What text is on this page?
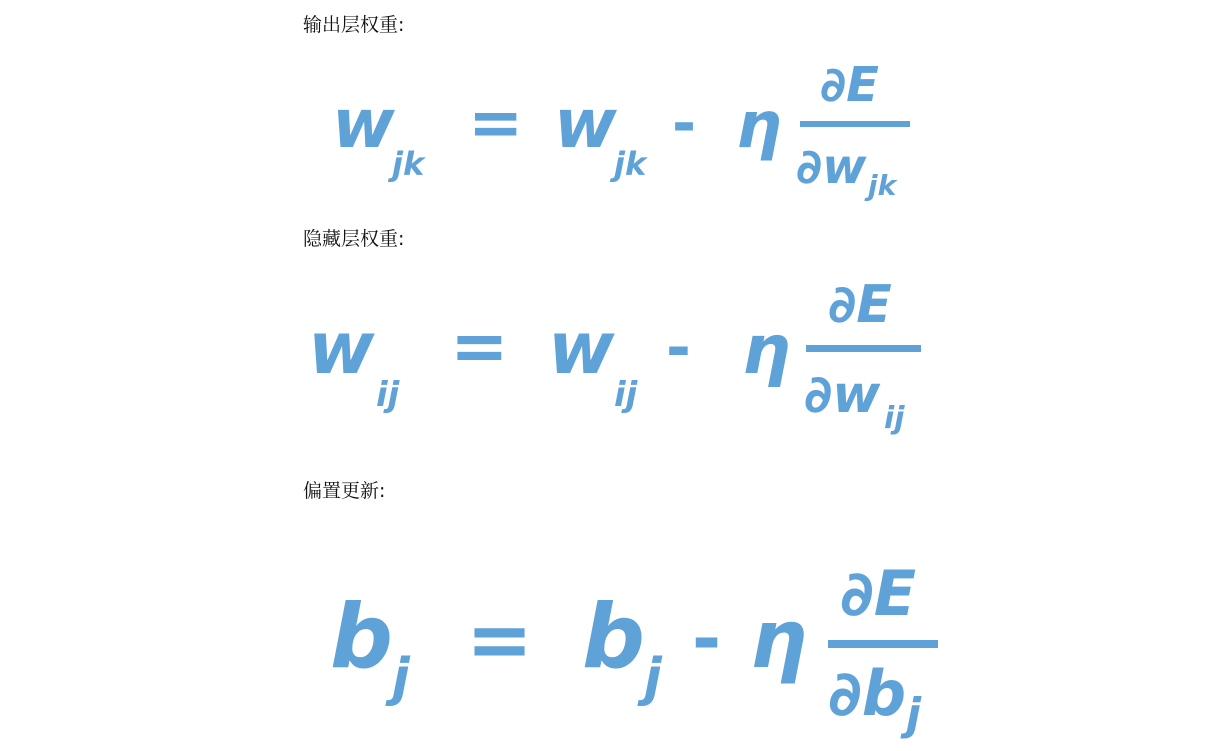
输出层权重:
w
jk
= w
jk
- η
∂E
∂w jk
隐藏层权重:
w
ij
= w
ij
- η
∂E
∂w ij
偏置更新:
b j = b j - η ∂E
∂b j
